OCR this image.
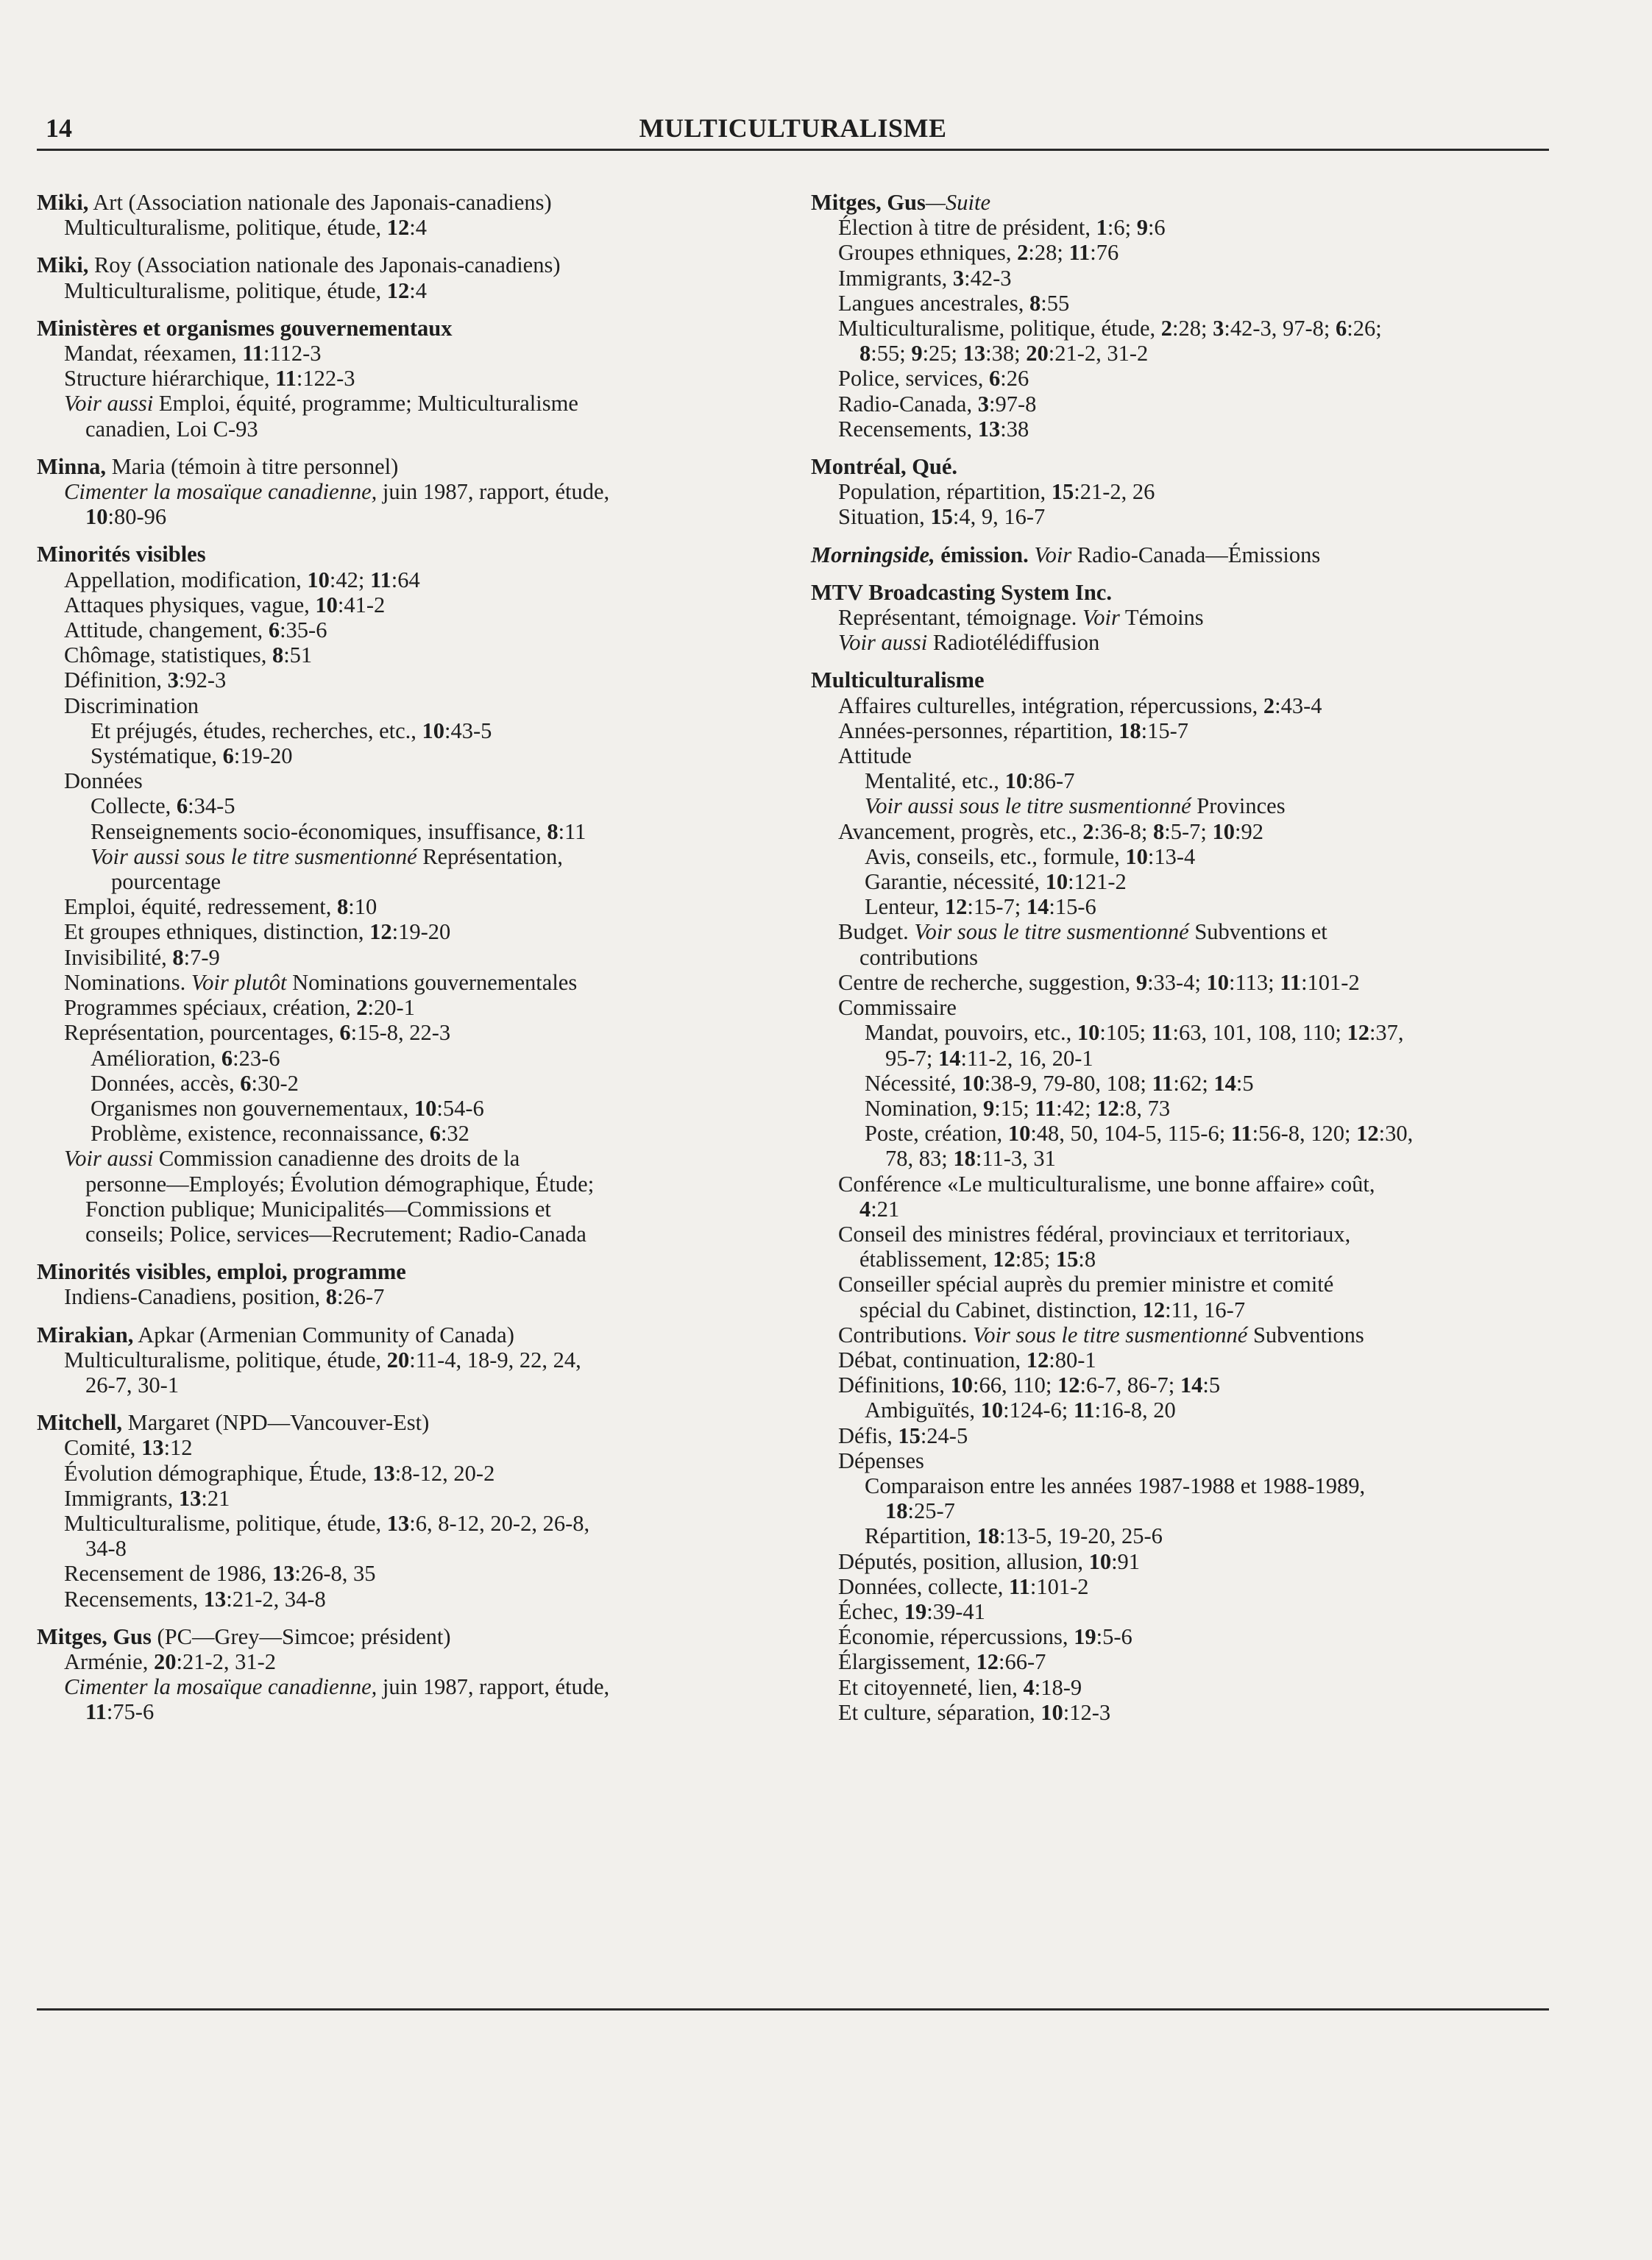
14	MULTICULTURALISME
Miki, Art (Association nationale des Japonais-canadiens)
Multiculturalisme, politique, étude, 12:4
Miki, Roy (Association nationale des Japonais-canadiens)
Multiculturalisme, politique, étude, 12:4
Ministères et organismes gouvernementaux
Mandat, réexamen, 11:112-3
Structure hiérarchique, 11:122-3
Voir aussi Emploi, équité, programme; Multiculturalisme
canadien, Loi C-93
Minna, Maria (témoin à titre personnel)
Cimenter la mosaïque canadienne, juin 1987, rapport, étude,
10:80-96
Minorités visibles
Appellation, modification, 10:42; 11:64
Attaques physiques, vague, 10:41-2
Attitude, changement, 6:35-6
Chômage, statistiques, 8:51
Définition, 3:92-3
Discrimination
Et préjugés, études, recherches, etc., 10:43-5
Systématique, 6:19-20
Données
Collecte, 6:34-5
Renseignements socio-économiques, insuffisance, 8:11
Voir aussi sous le titre susmentionné Représentation,
pourcentage
Emploi, équité, redressement, 8:10
Et groupes ethniques, distinction, 12:19-20
Invisibilité, 8:7-9
Nominations. Voir plutôt Nominations gouvernementales
Programmes spéciaux, création, 2:20-1
Représentation, pourcentages, 6:15-8, 22-3
Amélioration, 6:23-6
Données, accès, 6:30-2
Organismes non gouvernementaux, 10:54-6
Problème, existence, reconnaissance, 6:32
Voir aussi Commission canadienne des droits de la
personne—Employés; Évolution démographique, Étude;
Fonction publique; Municipalités—Commissions et
conseils; Police, services—Recrutement; Radio-Canada
Minorités visibles, emploi, programme
Indiens-Canadiens, position, 8:26-7
Mirakian, Apkar (Armenian Community of Canada)
Multiculturalisme, politique, étude, 20:11-4, 18-9, 22, 24,
26-7, 30-1
Mitchell, Margaret (NPD—Vancouver-Est)
Comité, 13:12
Évolution démographique, Étude, 13:8-12, 20-2
Immigrants, 13:21
Multiculturalisme, politique, étude, 13:6, 8-12, 20-2, 26-8,
34-8
Recensement de 1986, 13:26-8, 35
Recensements, 13:21-2, 34-8
Mitges, Gus (PC—Grey—Simcoe; président)
Arménie, 20:21-2, 31-2
Cimenter la mosaïque canadienne, juin 1987, rapport, étude,
11:75-6
Mitges, Gus—Suite
Élection à titre de président, 1:6; 9:6
Groupes ethniques, 2:28; 11:76
Immigrants, 3:42-3
Langues ancestrales, 8:55
Multiculturalisme, politique, étude, 2:28; 3:42-3, 97-8; 6:26;
8:55; 9:25; 13:38; 20:21-2, 31-2
Police, services, 6:26
Radio-Canada, 3:97-8
Recensements, 13:38
Montréal, Qué.
Population, répartition, 15:21-2, 26
Situation, 15:4, 9, 16-7
Morningside, émission. Voir Radio-Canada—Émissions
MTV Broadcasting System Inc.
Représentant, témoignage. Voir Témoins
Voir aussi Radiotélédiffusion
Multiculturalisme
Affaires culturelles, intégration, répercussions, 2:43-4
Années-personnes, répartition, 18:15-7
Attitude
Mentalité, etc., 10:86-7
Voir aussi sous le titre susmentionné Provinces
Avancement, progrès, etc., 2:36-8; 8:5-7; 10:92
Avis, conseils, etc., formule, 10:13-4
Garantie, nécessité, 10:121-2
Lenteur, 12:15-7; 14:15-6
Budget. Voir sous le titre susmentionné Subventions et
contributions
Centre de recherche, suggestion, 9:33-4; 10:113; 11:101-2
Commissaire
Mandat, pouvoirs, etc., 10:105; 11:63, 101, 108, 110; 12:37,
95-7; 14:11-2, 16, 20-1
Nécessité, 10:38-9, 79-80, 108; 11:62; 14:5
Nomination, 9:15; 11:42; 12:8, 73
Poste, création, 10:48, 50, 104-5, 115-6; 11:56-8, 120; 12:30,
78, 83; 18:11-3, 31
Conférence «Le multiculturalisme, une bonne affaire» coût,
4:21
Conseil des ministres fédéral, provinciaux et territoriaux,
établissement, 12:85; 15:8
Conseiller spécial auprès du premier ministre et comité
spécial du Cabinet, distinction, 12:11, 16-7
Contributions. Voir sous le titre susmentionné Subventions
Débat, continuation, 12:80-1
Définitions, 10:66, 110; 12:6-7, 86-7; 14:5
Ambiguïtés, 10:124-6; 11:16-8, 20
Défis, 15:24-5
Dépenses
Comparaison entre les années 1987-1988 et 1988-1989,
18:25-7
Répartition, 18:13-5, 19-20, 25-6
Députés, position, allusion, 10:91
Données, collecte, 11:101-2
Échec, 19:39-41
Économie, répercussions, 19:5-6
Élargissement, 12:66-7
Et citoyenneté, lien, 4:18-9
Et culture, séparation, 10:12-3
